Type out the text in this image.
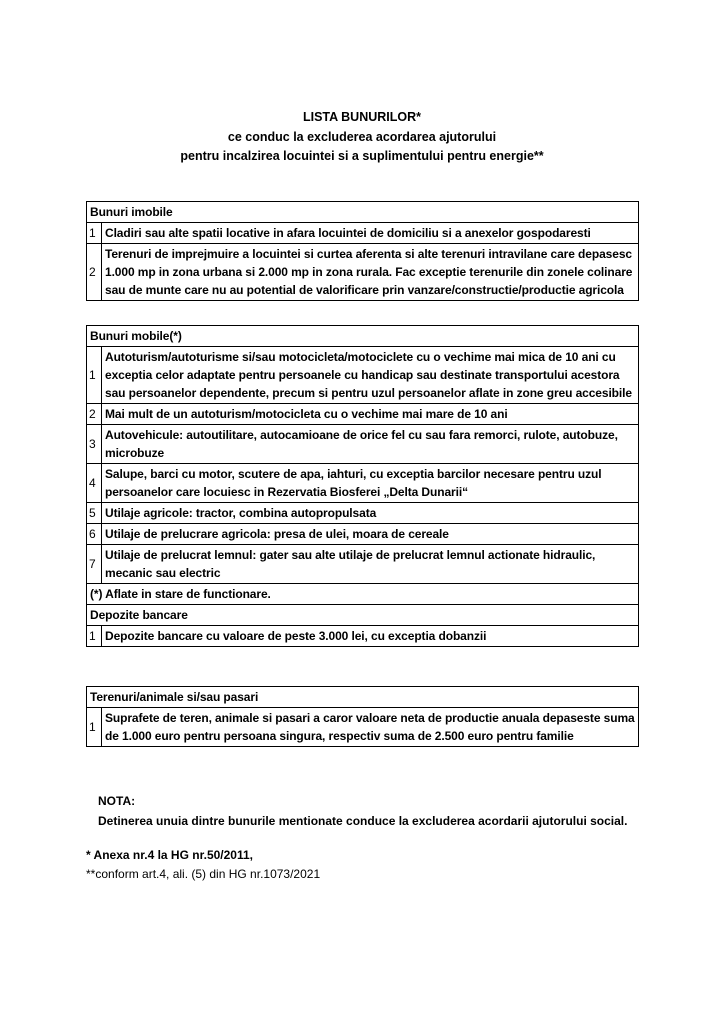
LISTA BUNURILOR*
ce conduc la excluderea acordarea ajutorului
pentru incalzirea locuintei si a suplimentului pentru energie**
Bunuri imobile	
1	Cladiri sau alte spatii locative in afara locuintei de domiciliu si a anexelor gospodaresti
2	Terenuri de imprejmuire a locuintei si curtea aferenta si alte terenuri intravilane care depasesc 1.000 mp in zona urbana si 2.000 mp in zona rurala. Fac exceptie terenurile din zonele colinare sau de munte care nu au potential de valorificare prin vanzare/constructie/productie agricola
Bunuri mobile(*)	
1	Autoturism/autoturisme si/sau motocicleta/motociclete cu o vechime mai mica de 10 ani cu exceptia celor adaptate pentru persoanele cu handicap sau destinate transportului acestora sau persoanelor dependente, precum si pentru uzul persoanelor aflate in zone greu accesibile
2	Mai mult de un autoturism/motocicleta cu o vechime mai mare de 10 ani
3	Autovehicule: autoutilitare, autocamioane de orice fel cu sau fara remorci, rulote, autobuze, microbuze
4	Salupe, barci cu motor, scutere de apa, iahturi, cu exceptia barcilor necesare pentru uzul persoanelor care locuiesc in Rezervatia Biosferei „Delta Dunarii“
5	Utilaje agricole: tractor, combina autopropulsata
6	Utilaje de prelucrare agricola: presa de ulei, moara de cereale
7	Utilaje de prelucrat lemnul: gater sau alte utilaje de prelucrat lemnul actionate hidraulic, mecanic sau electric
(*) Aflate in stare de functionare.	
Depozite bancare	
1	Depozite bancare cu valoare de peste 3.000 lei, cu exceptia dobanzii
Terenuri/animale si/sau pasari
1	Suprafete de teren, animale si pasari a caror valoare neta de productie anuala depaseste suma de 1.000 euro pentru persoana singura, respectiv suma de 2.500 euro pentru familie
NOTA:
Detinerea unuia dintre bunurile mentionate conduce la excluderea acordarii ajutorului social.
* Anexa nr.4 la HG nr.50/2011,
**conform art.4, ali. (5) din HG nr.1073/2021
